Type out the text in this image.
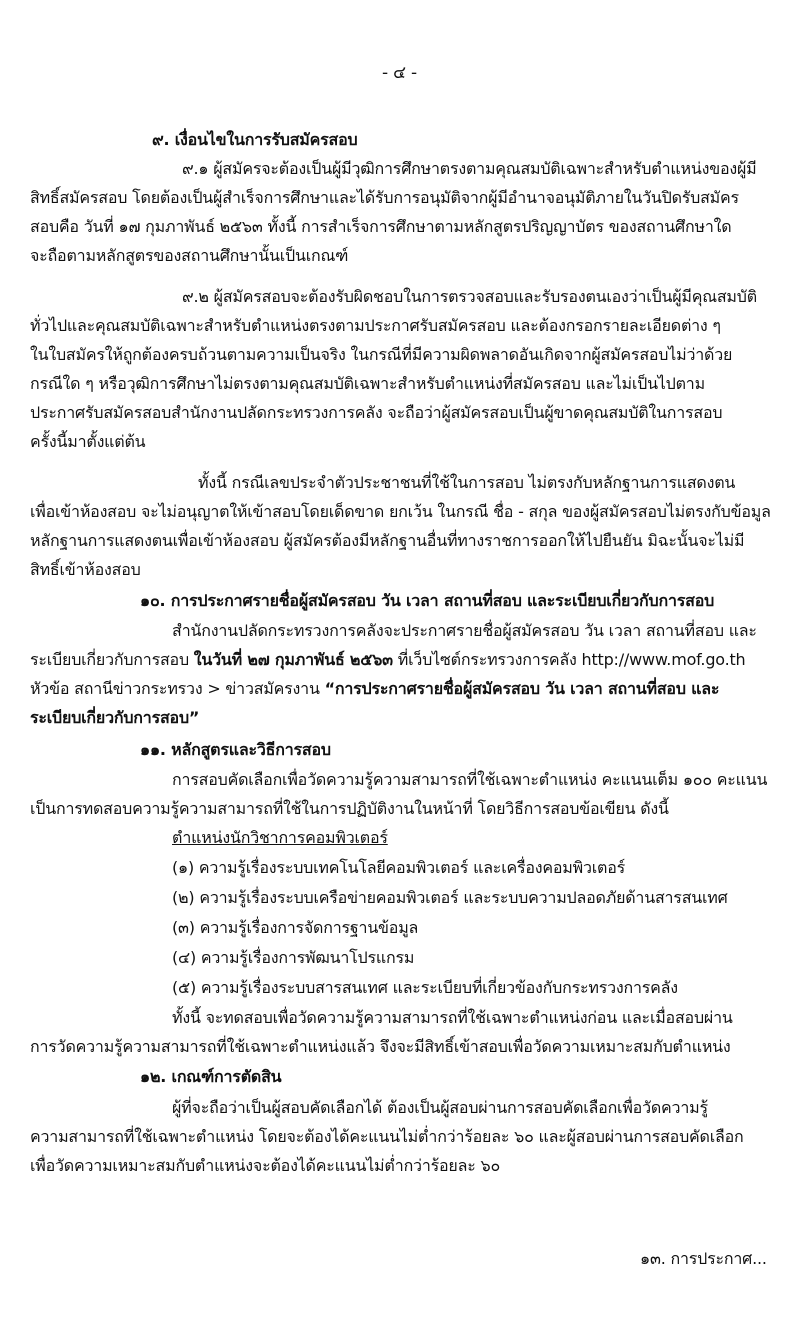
- ๔ -
๙. เงื่อนไขในการรับสมัครสอบ
๙.๑ ผู้สมัครจะต้องเป็นผู้มีวุฒิการศึกษาตรงตามคุณสมบัติเฉพาะสำหรับตำแหน่งของผู้มี
สิทธิ์สมัครสอบ โดยต้องเป็นผู้สำเร็จการศึกษาและได้รับการอนุมัติจากผู้มีอำนาจอนุมัติภายในวันปิดรับสมัคร
สอบคือ วันที่ ๑๗ กุมภาพันธ์ ๒๕๖๓ ทั้งนี้ การสำเร็จการศึกษาตามหลักสูตรปริญญาบัตร ของสถานศึกษาใด
จะถือตามหลักสูตรของสถานศึกษานั้นเป็นเกณฑ์
๙.๒ ผู้สมัครสอบจะต้องรับผิดชอบในการตรวจสอบและรับรองตนเองว่าเป็นผู้มีคุณสมบัติ
ทั่วไปและคุณสมบัติเฉพาะสำหรับตำแหน่งตรงตามประกาศรับสมัครสอบ และต้องกรอกรายละเอียดต่าง ๆ
ในใบสมัครให้ถูกต้องครบถ้วนตามความเป็นจริง ในกรณีที่มีความผิดพลาดอันเกิดจากผู้สมัครสอบไม่ว่าด้วย
กรณีใด ๆ หรือวุฒิการศึกษาไม่ตรงตามคุณสมบัติเฉพาะสำหรับตำแหน่งที่สมัครสอบ และไม่เป็นไปตาม
ประกาศรับสมัครสอบสำนักงานปลัดกระทรวงการคลัง จะถือว่าผู้สมัครสอบเป็นผู้ขาดคุณสมบัติในการสอบ
ครั้งนี้มาตั้งแต่ต้น
ทั้งนี้ กรณีเลขประจำตัวประชาชนที่ใช้ในการสอบ ไม่ตรงกับหลักฐานการแสดงตน
เพื่อเข้าห้องสอบ จะไม่อนุญาตให้เข้าสอบโดยเด็ดขาด ยกเว้น ในกรณี ชื่อ - สกุล ของผู้สมัครสอบไม่ตรงกับข้อมูล
หลักฐานการแสดงตนเพื่อเข้าห้องสอบ ผู้สมัครต้องมีหลักฐานอื่นที่ทางราชการออกให้ไปยืนยัน มิฉะนั้นจะไม่มี
สิทธิ์เข้าห้องสอบ
๑๐. การประกาศรายชื่อผู้สมัครสอบ วัน เวลา สถานที่สอบ และระเบียบเกี่ยวกับการสอบ
สำนักงานปลัดกระทรวงการคลังจะประกาศรายชื่อผู้สมัครสอบ วัน เวลา สถานที่สอบ และ
ระเบียบเกี่ยวกับการสอบ ในวันที่ ๒๗ กุมภาพันธ์ ๒๕๖๓ ที่เว็บไซต์กระทรวงการคลัง http://www.mof.go.th
หัวข้อ สถานีข่าวกระทรวง > ข่าวสมัครงาน “การประกาศรายชื่อผู้สมัครสอบ วัน เวลา สถานที่สอบ และ
ระเบียบเกี่ยวกับการสอบ”
๑๑. หลักสูตรและวิธีการสอบ
การสอบคัดเลือกเพื่อวัดความรู้ความสามารถที่ใช้เฉพาะตำแหน่ง คะแนนเต็ม ๑๐๐ คะแนน
เป็นการทดสอบความรู้ความสามารถที่ใช้ในการปฏิบัติงานในหน้าที่ โดยวิธีการสอบข้อเขียน ดังนี้
ตำแหน่งนักวิชาการคอมพิวเตอร์
(๑) ความรู้เรื่องระบบเทคโนโลยีคอมพิวเตอร์ และเครื่องคอมพิวเตอร์
(๒) ความรู้เรื่องระบบเครือข่ายคอมพิวเตอร์ และระบบความปลอดภัยด้านสารสนเทศ
(๓) ความรู้เรื่องการจัดการฐานข้อมูล
(๔) ความรู้เรื่องการพัฒนาโปรแกรม
(๕) ความรู้เรื่องระบบสารสนเทศ และระเบียบที่เกี่ยวข้องกับกระทรวงการคลัง
ทั้งนี้ จะทดสอบเพื่อวัดความรู้ความสามารถที่ใช้เฉพาะตำแหน่งก่อน และเมื่อสอบผ่าน
การวัดความรู้ความสามารถที่ใช้เฉพาะตำแหน่งแล้ว จึงจะมีสิทธิ์เข้าสอบเพื่อวัดความเหมาะสมกับตำแหน่ง
๑๒. เกณฑ์การตัดสิน
ผู้ที่จะถือว่าเป็นผู้สอบคัดเลือกได้ ต้องเป็นผู้สอบผ่านการสอบคัดเลือกเพื่อวัดความรู้
ความสามารถที่ใช้เฉพาะตำแหน่ง โดยจะต้องได้คะแนนไม่ต่ำกว่าร้อยละ ๖๐ และผู้สอบผ่านการสอบคัดเลือก
เพื่อวัดความเหมาะสมกับตำแหน่งจะต้องได้คะแนนไม่ต่ำกว่าร้อยละ ๖๐
๑๓. การประกาศ...
